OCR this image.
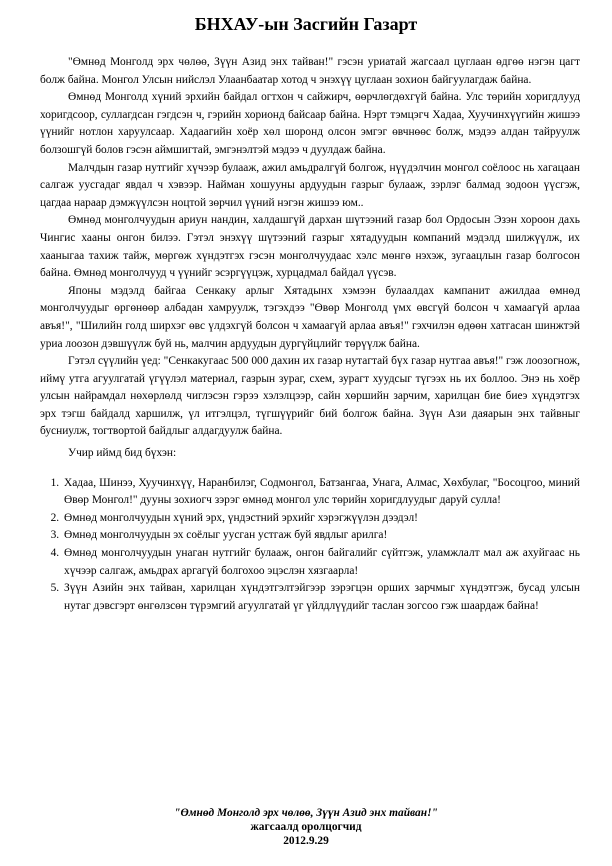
БНХАУ-ын Засгийн Газарт

"Өмнөд Монголд эрх чөлөө, Зүүн Азид энх тайван!" гэсэн уриатай жагсаал цуглаан өдгөө нэгэн цагт болж байна. Монгол Улсын нийслэл Улаанбаатар хотод ч энэхүү цуглаан зохион байгуулагдаж байна.

Өмнөд Монголд хүний эрхийн байдал огтхон ч сайжирч, өөрчлөгдөхгүй байна. Улс төрийн хоригдлууд хоригдсоор, суллагдсан гэгдсэн ч, гэрийн хорионд байсаар байна. Нэрт тэмцэгч Хадаа, Хуучинхүүгийн жишээ үүнийг нотлон харуулсаар. Хадаагийн хоёр хөл шоронд олсон эмгэг өвчнөөс болж, мэдээ алдан тайруулж болзошгүй болов гэсэн аймшигтай, эмгэнэлтэй мэдээ ч дуулдаж байна.

Малчдын газар нутгийг хүчээр булааж, ажил амьдралгүй болгож, нүүдэлчин монгол соёлоос нь хагацаан салгаж уусгадаг явдал ч хэвээр. Найман хошууны ардуудын газрыг булааж, зэрлэг балмад зодоон үүсгэж, цагдаа нараар дэмжүүлсэн ноцтой зөрчил үүний нэгэн жишээ юм..

Өмнөд монголчуудын ариун нандин, халдашгүй дархан шүтээний газар бол Ордосын Эзэн хороон дахь Чингис хааны онгон билээ. Гэтэл энэхүү шүтээний газрыг хятадуудын компаний мэдэлд шилжүүлж, их хааныгаа тахиж тайж, мөргөж хүндэтгэх гэсэн монголчуудаас хэлс мөнгө нэхэж, зугаацлын газар болгосон байна. Өмнөд монголчууд ч үүнийг эсэргүүцэж, хурцадмал байдал үүсэв.

Японы мэдэлд байгаа Сенкаку арлыг Хятадынх хэмээн булаалдах кампанит ажилдаа өмнөд монголчуудыг өргөнөөр албадан хамруулж, тэгэхдээ "Өвөр Монголд үмх өвсгүй болсон ч хамаагүй арлаа авъя!", "Шилийн голд ширхэг өвс үлдэхгүй болсон ч хамаагүй арлаа авъя!" гэхчилэн өдөөн хатгасан шинжтэй уриа лоозон дэвшүүлж буй нь, малчин ардуудын дургүйцлийг төрүүлж байна.

Гэтэл сүүлийн үед: "Сенкакугаас 500 000 дахин их газар нутагтай бүх газар нутгаа авъя!" гэж лоозогнож, иймү утга агуулгатай үгүүлэл материал, газрын зураг, схем, зурагт хуудсыг түгээх нь их боллоо. Энэ нь хоёр улсын найрамдал нөхөрлөлд чиглэсэн гэрээ хэлэлцээр, сайн хөршийн зарчим, харилцан бие биеэ хүндэтгэх эрх тэгш байдалд харшилж, үл итгэлцэл, түгшүүрийг бий болгож байна. Зүүн Ази даяарын энх тайвныг бусниулж, тогтвортой байдлыг алдагдуулж байна.

Учир иймд бид бүхэн:

1. Хадаа, Шинээ, Хуучинхүү, Наранбилэг, Содмонгол, Батзангаа, Унага, Алмас, Хөхбулаг, "Босоцгоо, миний Өвөр Монгол!" дууны зохиогч зэрэг өмнөд монгол улс төрийн хоригдлуудыг даруй сулла!
2. Өмнөд монголчуудын хүний эрх, үндэстний эрхийг хэрэгжүүлэн дээдэл!
3. Өмнөд монголчуудын эх соёлыг уусган устгаж буй явдлыг арилга!
4. Өмнөд монголчуудын унаган нутгийг булааж, онгон байгалийг сүйтгэж, уламжлалт мал аж ахуйгаас нь хүчээр салгаж, амьдрах аргагүй болгохоо эцэслэн хязгаарла!
5. Зүүн Азийн энх тайван, харилцан хүндэтгэлтэйгээр зэрэгцэн орших зарчмыг хүндэтгэж, бусад улсын нутаг дэвсгэрт өнгөлзсөн түрэмгий агуулгатай үг үйлдлүүдийг таслан зогсоо гэж шаардаж байна!
"Өмнөд Монголд эрх чөлөө, Зүүн Азид энх тайван!"
жагсаалд оролцогчид
2012.9.29
